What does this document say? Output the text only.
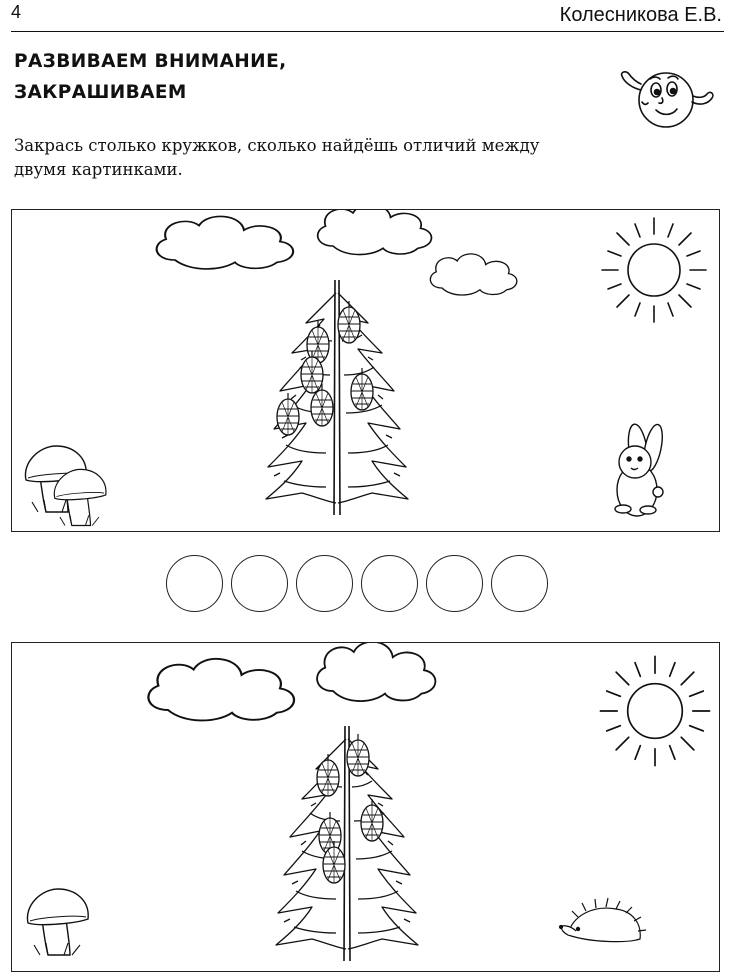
4	Колесникова Е.В.
РАЗВИВАЕМ ВНИМАНИЕ,
ЗАКРАШИВАЕМ
Закрась столько кружков, сколько найдёшь отличий между
двумя картинками.
